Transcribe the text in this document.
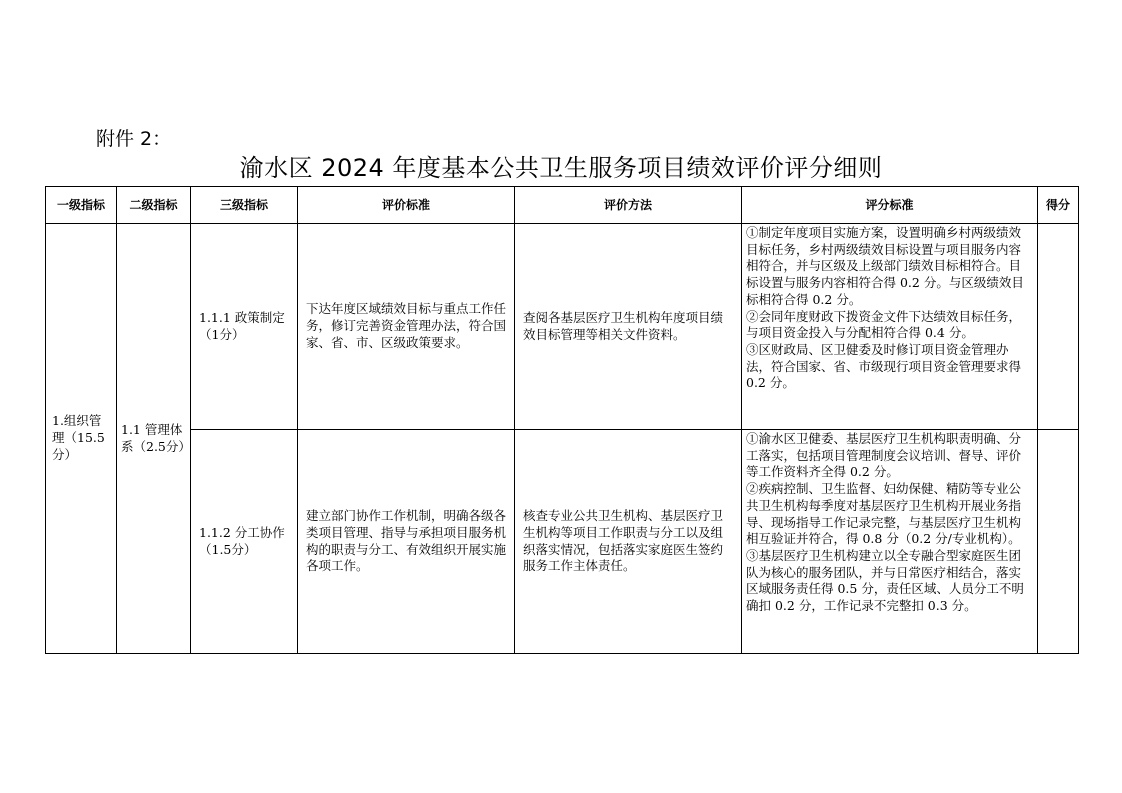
附件 2：
渝水区 2024 年度基本公共卫生服务项目绩效评价评分细则
一级指标	二级指标	三级指标	评价标准	评价方法	评分标准	得分
1.组织管理（15.5分）	1.1 管理体系（2.5分）	1.1.1 政策制定（1分）	下达年度区域绩效目标与重点工作任务，修订完善资金管理办法，符合国家、省、市、区级政策要求。	查阅各基层医疗卫生机构年度项目绩效目标管理等相关文件资料。	①制定年度项目实施方案，设置明确乡村两级绩效目标任务，乡村两级绩效目标设置与项目服务内容相符合，并与区级及上级部门绩效目标相符合。目标设置与服务内容相符合得 0.2 分。与区级绩效目标相符合得 0.2 分。
②会同年度财政下拨资金文件下达绩效目标任务，与项目资金投入与分配相符合得 0.4 分。
③区财政局、区卫健委及时修订项目资金管理办法，符合国家、省、市级现行项目资金管理要求得 0.2 分。	

		1.1.2 分工协作（1.5分）	建立部门协作工作机制，明确各级各类项目管理、指导与承担项目服务机构的职责与分工、有效组织开展实施各项工作。	核查专业公共卫生机构、基层医疗卫生机构等项目工作职责与分工以及组织落实情况，包括落实家庭医生签约服务工作主体责任。	①渝水区卫健委、基层医疗卫生机构职责明确、分工落实，包括项目管理制度会议培训、督导、评价等工作资料齐全得 0.2 分。
②疾病控制、卫生监督、妇幼保健、精防等专业公共卫生机构每季度对基层医疗卫生机构开展业务指导、现场指导工作记录完整，与基层医疗卫生机构相互验证并符合，得 0.8 分（0.2 分/专业机构）。
③基层医疗卫生机构建立以全专融合型家庭医生团队为核心的服务团队，并与日常医疗相结合，落实区域服务责任得 0.5 分，责任区域、人员分工不明确扣 0.2 分，工作记录不完整扣 0.3 分。	
